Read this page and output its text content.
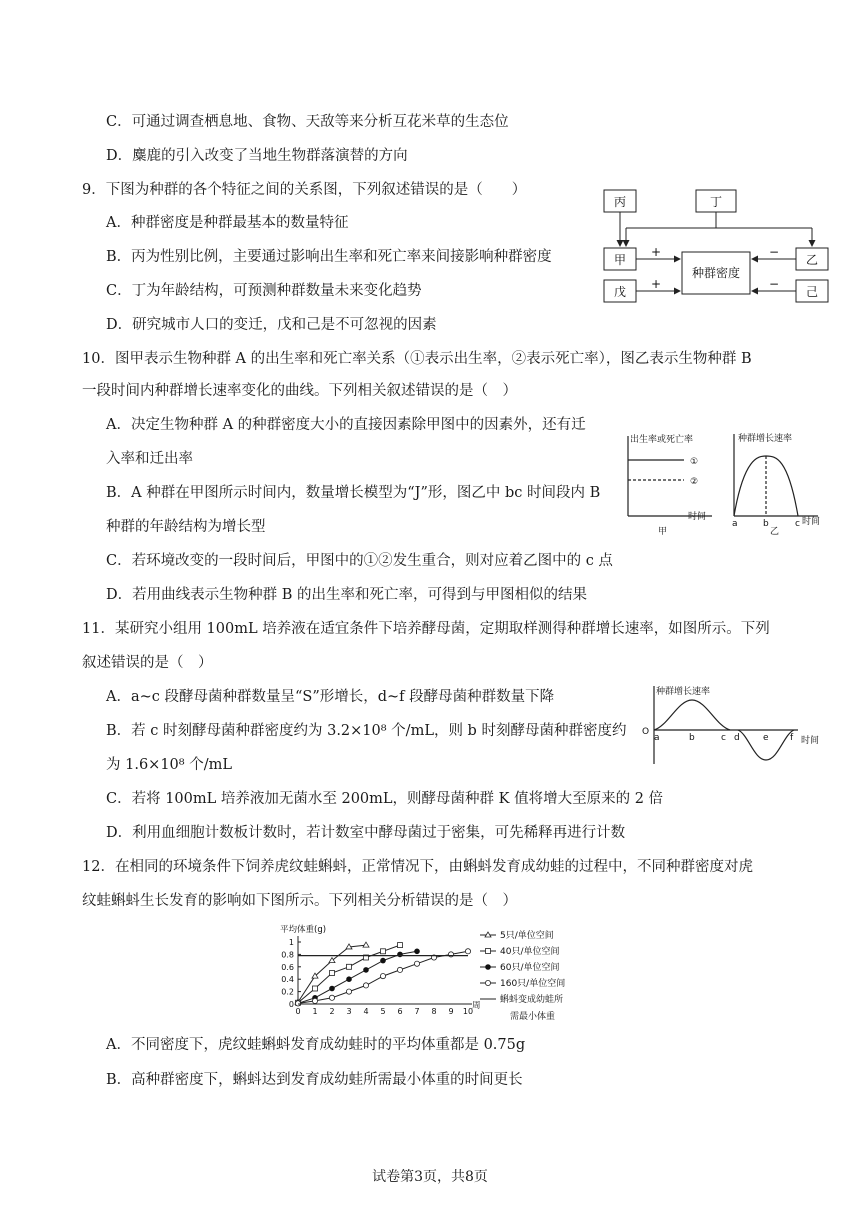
C．可通过调查栖息地、食物、天敌等来分析互花米草的生态位
D．麋鹿的引入改变了当地生物群落演替的方向
9．下图为种群的各个特征之间的关系图，下列叙述错误的是（　　）
A．种群密度是种群最基本的数量特征
B．丙为性别比例，主要通过影响出生率和死亡率来间接影响种群密度
C．丁为年龄结构，可预测种群数量未来变化趋势
D．研究城市人口的变迁，戊和己是不可忽视的因素
10．图甲表示生物种群 A 的出生率和死亡率关系（①表示出生率，②表示死亡率），图乙表示生物种群 B
一段时间内种群增长速率变化的曲线。下列相关叙述错误的是（　）
A．决定生物种群 A 的种群密度大小的直接因素除甲图中的因素外，还有迁
入率和迁出率
B．A 种群在甲图所示时间内，数量增长模型为“J”形，图乙中 bc 时间段内 B
种群的年龄结构为增长型
C．若环境改变的一段时间后，甲图中的①②发生重合，则对应着乙图中的 c 点
D．若用曲线表示生物种群 B 的出生率和死亡率，可得到与甲图相似的结果
11．某研究小组用 100mL 培养液在适宜条件下培养酵母菌，定期取样测得种群增长速率，如图所示。下列
叙述错误的是（　）
A．a~c 段酵母菌种群数量呈“S”形增长，d~f 段酵母菌种群数量下降
B．若 c 时刻酵母菌种群密度约为 3.2×10⁸ 个/mL，则 b 时刻酵母菌种群密度约
为 1.6×10⁸ 个/mL
C．若将 100mL 培养液加无菌水至 200mL，则酵母菌种群 K 值将增大至原来的 2 倍
D．利用血细胞计数板计数时，若计数室中酵母菌过于密集，可先稀释再进行计数
12．在相同的环境条件下饲养虎纹蛙蝌蚪，正常情况下，由蝌蚪发育成幼蛙的过程中，不同种群密度对虎
纹蛙蝌蚪生长发育的影响如下图所示。下列相关分析错误的是（　）
A．不同密度下，虎纹蛙蝌蚪发育成幼蛙时的平均体重都是 0.75g
B．高种群密度下，蝌蚪达到发育成幼蛙所需最小体重的时间更长
丙	丁
甲
戊
种群密度
乙
己
+
+
−
−
出生率或死亡率
时间
①
②
甲
种群增长速率
时间
a	b	c
乙
种群增长速率
时间
O
a	b	c d	e f
平均体重(g)
周
1
0.8
0.6
0.4
0.2
0
0 1 2 3 4 5 6 7 8 9 10
5只/单位空间
40只/单位空间
60只/单位空间
160只/单位空间
蝌蚪变成幼蛙所
需最小体重
试卷第3页，共8页
